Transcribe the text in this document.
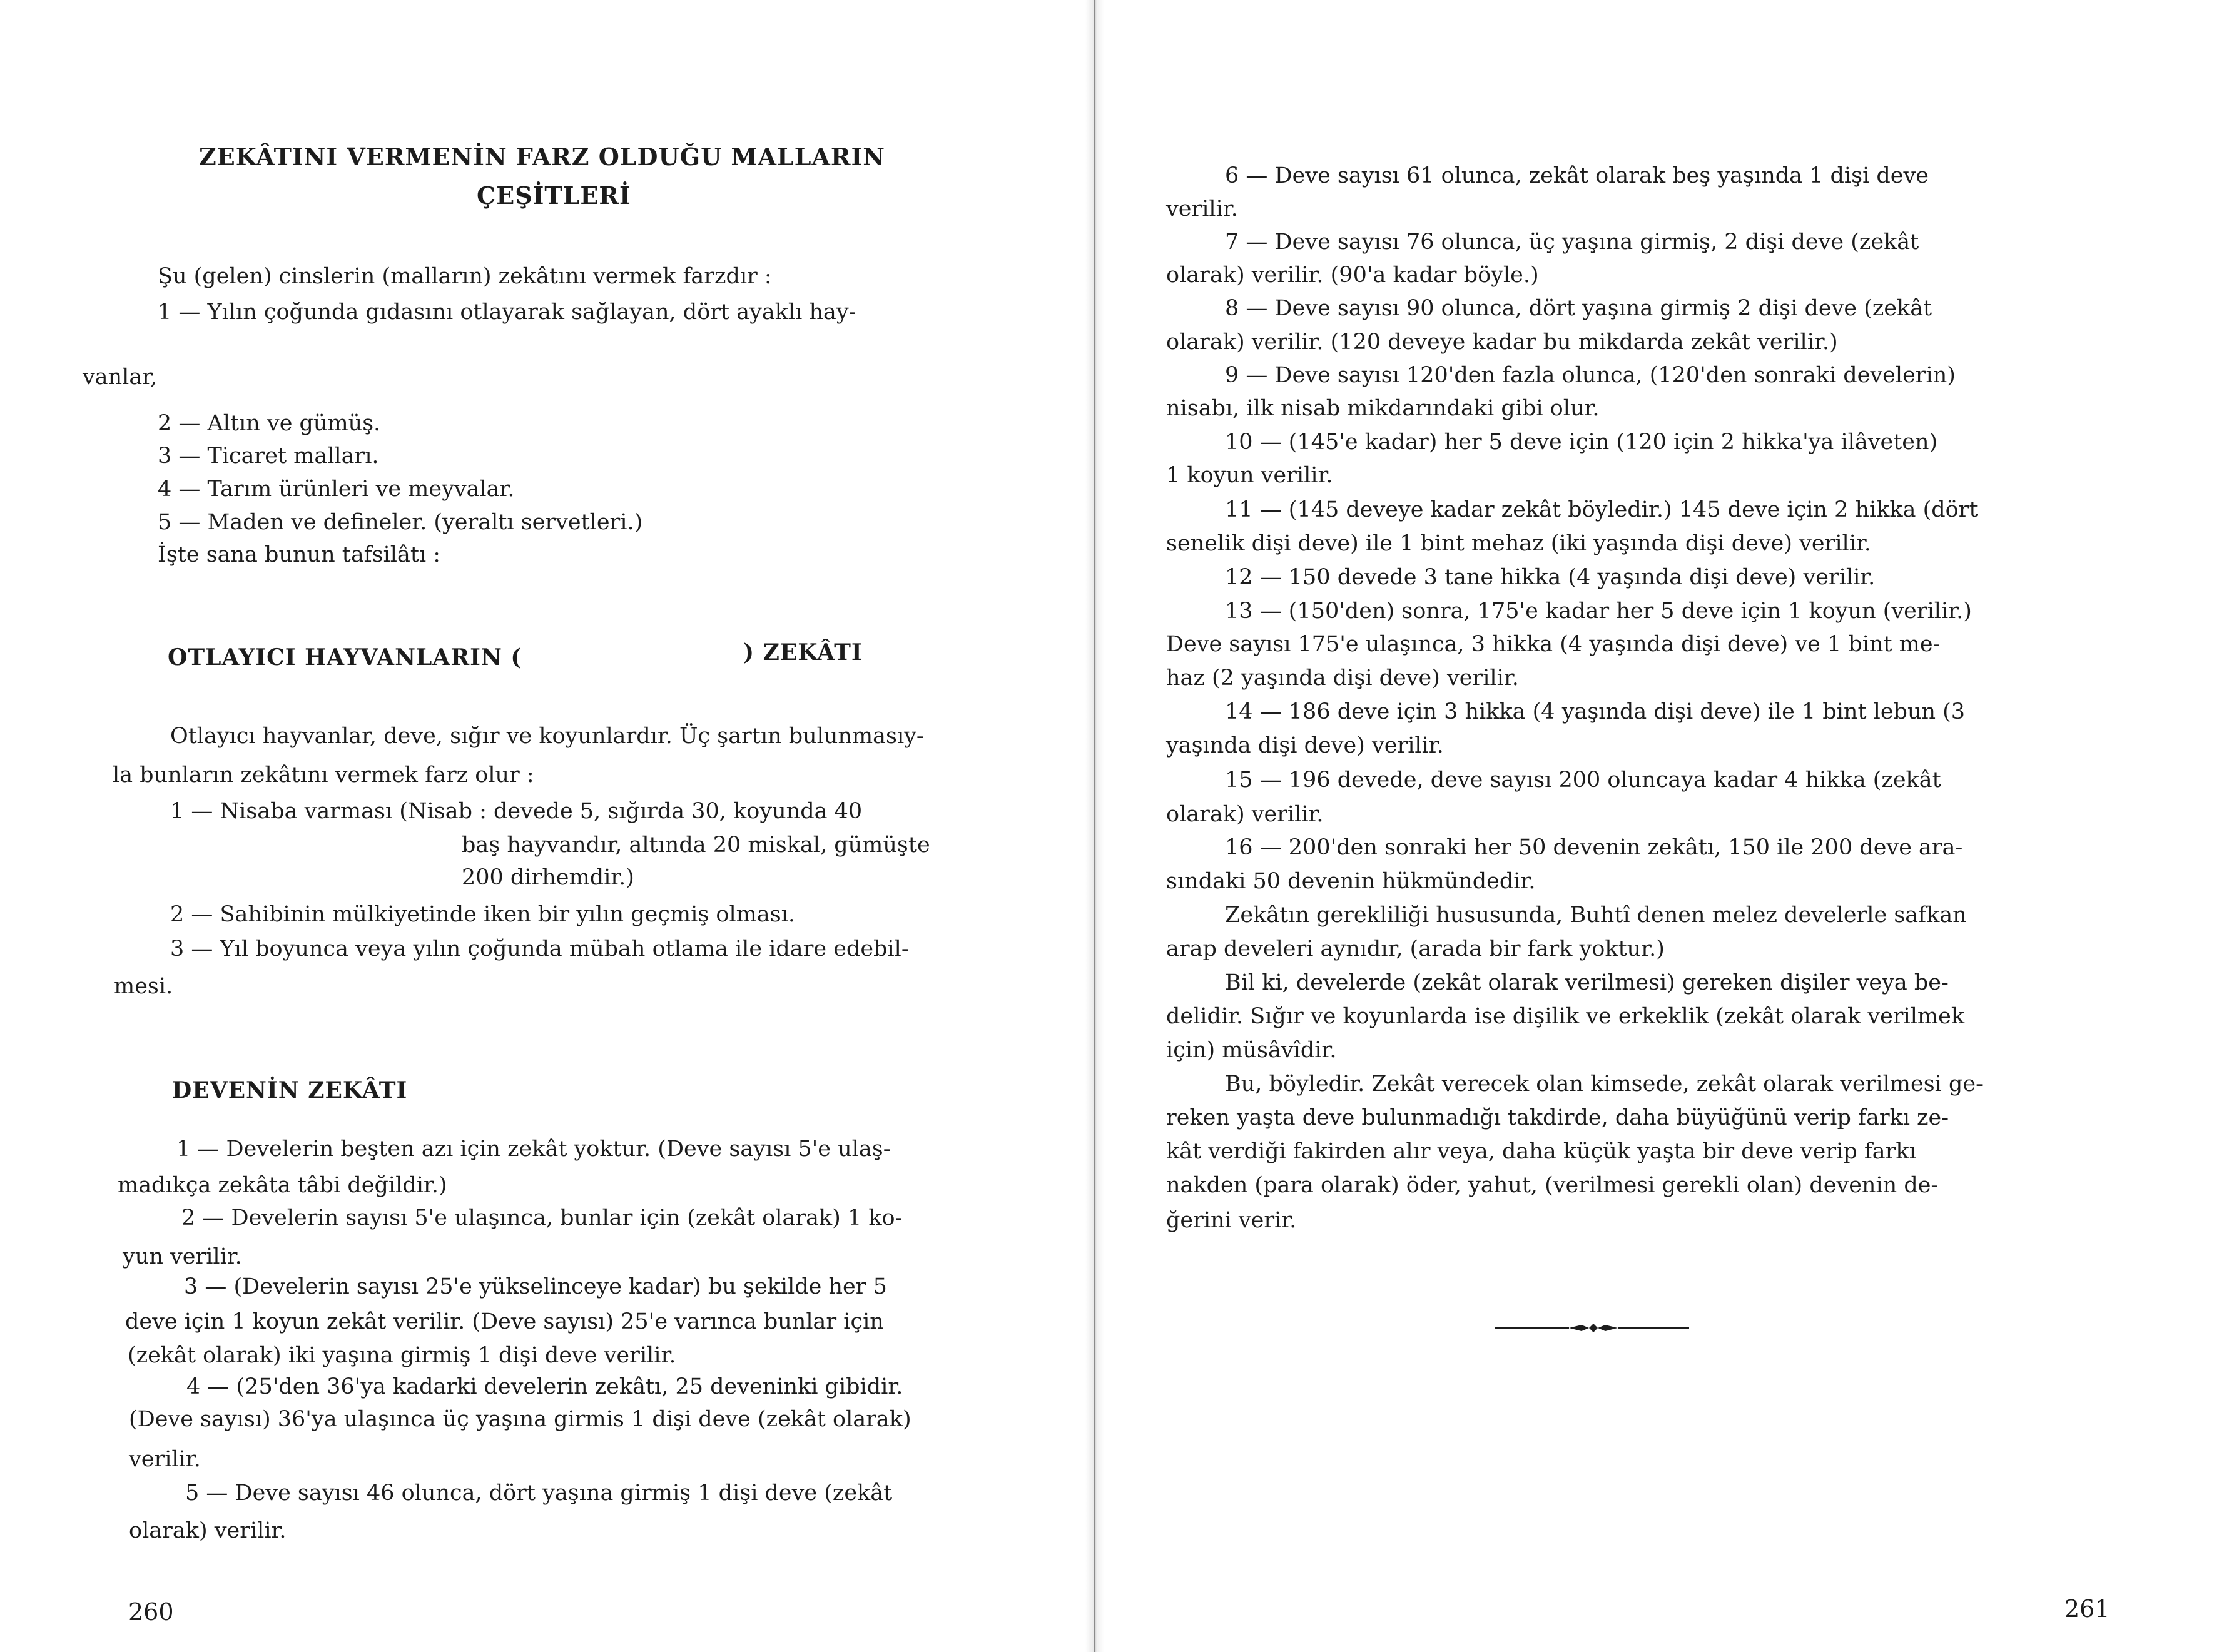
ZEKÂTINI VERMENİN FARZ OLDUĞU MALLARIN

ÇEŞİTLERİ

Şu (gelen) cinslerin (malların) zekâtını vermek farzdır :

1 — Yılın çoğunda gıdasını otlayarak sağlayan, dört ayaklı hay-

vanlar,

2 — Altın ve gümüş.

3 — Ticaret malları.

4 — Tarım ürünleri ve meyvalar.

5 — Maden ve defineler. (yeraltı servetleri.)

İşte sana bunun tafsilâtı :

OTLAYICI HAYVANLARIN (	) ZEKÂTI

Otlayıcı hayvanlar, deve, sığır ve koyunlardır. Üç şartın bulunmasıy-

la bunların zekâtını vermek farz olur :

1 — Nisaba varması (Nisab : devede 5, sığırda 30, koyunda 40

baş hayvandır, altında 20 miskal, gümüşte

200 dirhemdir.)

2 — Sahibinin mülkiyetinde iken bir yılın geçmiş olması.

3 — Yıl boyunca veya yılın çoğunda mübah otlama ile idare edebil-

mesi.

DEVENİN ZEKÂTI

1 — Develerin beşten azı için zekât yoktur. (Deve sayısı 5'e ulaş-

madıkça zekâta tâbi değildir.)

2 — Develerin sayısı 5'e ulaşınca, bunlar için (zekât olarak) 1 ko-

yun verilir.

3 — (Develerin sayısı 25'e yükselinceye kadar) bu şekilde her 5

deve için 1 koyun zekât verilir. (Deve sayısı) 25'e varınca bunlar için

(zekât olarak) iki yaşına girmiş 1 dişi deve verilir.

4 — (25'den 36'ya kadarki develerin zekâtı, 25 deveninki gibidir.

(Deve sayısı) 36'ya ulaşınca üç yaşına girmis 1 dişi deve (zekât olarak)

verilir.

5 — Deve sayısı 46 olunca, dört yaşına girmiş 1 dişi deve (zekât

olarak) verilir.

260

6 — Deve sayısı 61 olunca, zekât olarak beş yaşında 1 dişi deve

verilir.

7 — Deve sayısı 76 olunca, üç yaşına girmiş, 2 dişi deve (zekât

olarak) verilir. (90'a kadar böyle.)

8 — Deve sayısı 90 olunca, dört yaşına girmiş 2 dişi deve (zekât

olarak) verilir. (120 deveye kadar bu mikdarda zekât verilir.)

9 — Deve sayısı 120'den fazla olunca, (120'den sonraki develerin)

nisabı, ilk nisab mikdarındaki gibi olur.

10 — (145'e kadar) her 5 deve için (120 için 2 hikka'ya ilâveten)

1 koyun verilir.

11 — (145 deveye kadar zekât böyledir.) 145 deve için 2 hikka (dört

senelik dişi deve) ile 1 bint mehaz (iki yaşında dişi deve) verilir.

12 — 150 devede 3 tane hikka (4 yaşında dişi deve) verilir.

13 — (150'den) sonra, 175'e kadar her 5 deve için 1 koyun (verilir.)

Deve sayısı 175'e ulaşınca, 3 hikka (4 yaşında dişi deve) ve 1 bint me-

haz (2 yaşında dişi deve) verilir.

14 — 186 deve için 3 hikka (4 yaşında dişi deve) ile 1 bint lebun (3

yaşında dişi deve) verilir.

15 — 196 devede, deve sayısı 200 oluncaya kadar 4 hikka (zekât

olarak) verilir.

16 — 200'den sonraki her 50 devenin zekâtı, 150 ile 200 deve ara-

sındaki 50 devenin hükmündedir.

Zekâtın gerekliliği hususunda, Buhtî denen melez develerle safkan

arap develeri aynıdır, (arada bir fark yoktur.)

Bil ki, develerde (zekât olarak verilmesi) gereken dişiler veya be-

delidir. Sığır ve koyunlarda ise dişilik ve erkeklik (zekât olarak verilmek

için) müsâvîdir.

Bu, böyledir. Zekât verecek olan kimsede, zekât olarak verilmesi ge-

reken yaşta deve bulunmadığı takdirde, daha büyüğünü verip farkı ze-

kât verdiği fakirden alır veya, daha küçük yaşta bir deve verip farkı

nakden (para olarak) öder, yahut, (verilmesi gerekli olan) devenin de-

ğerini verir.

261
